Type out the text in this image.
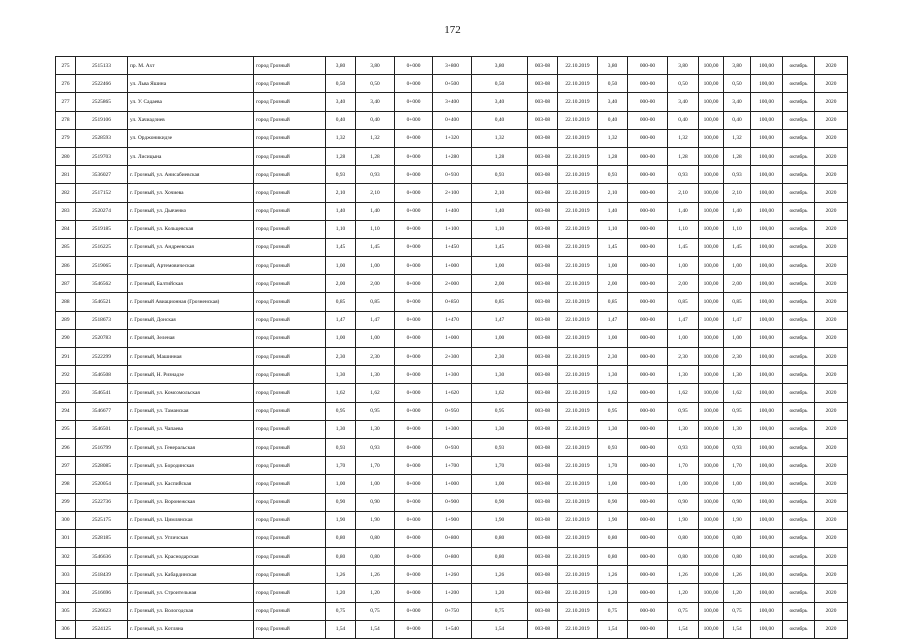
172
275	2515133	пр. М. Ахт	город Грозный	3,80	3,80	0+000	3+800	3,80	003-08	22.10.2019	3,80	000-00	3,80	100,00	3,80	100,00	октябрь	2020
276	2522466	ул. Льва Яшина	город Грозный	0,50	0,50	0+000	0+500	0,50	003-08	22.10.2019	0,50	000-00	0,50	100,00	0,50	100,00	октябрь	2020
277	2525865	ул. У. Садаева	город Грозный	3,40	3,40	0+000	3+400	3,40	003-08	22.10.2019	3,40	000-00	3,40	100,00	3,40	100,00	октябрь	2020
278	2519106	ул. Хачиадзиев	город Грозный	0,40	0,40	0+000	0+400	0,40	003-08	22.10.2019	0,40	000-00	0,40	100,00	0,40	100,00	октябрь	2020
279	2528593	ул. Орджоникидзе	город Грозный	1,32	1,32	0+000	1+320	1,32	003-08	22.10.2019	1,32	000-00	1,32	100,00	1,32	100,00	октябрь	2020
280	2519703	ул. Лисицына	город Грозный	1,28	1,28	0+000	1+280	1,28	003-08	22.10.2019	1,28	000-00	1,28	100,00	1,28	100,00	октябрь	2020
281	3536027	г. Грозный, ул. Анисабиевская	город Грозный	0,93	0,93	0+000	0+930	0,93	003-08	22.10.2019	0,93	000-00	0,93	100,00	0,93	100,00	октябрь	2020
282	2517152	г. Грозный, ул. Хочиева	город Грозный	2,10	2,10	0+000	2+100	2,10	003-08	22.10.2019	2,10	000-00	2,10	100,00	2,10	100,00	октябрь	2020
283	2520274	г. Грозный, ул. Дьяченко	город Грозный	1,40	1,40	0+000	1+400	1,40	003-08	22.10.2019	1,40	000-00	1,40	100,00	1,40	100,00	октябрь	2020
284	2519185	г. Грозный, ул. Кольцевская	город Грозный	1,10	1,10	0+000	1+100	1,10	003-08	22.10.2019	1,10	000-00	1,10	100,00	1,10	100,00	октябрь	2020
285	2516225	г. Грозный, ул. Андреевская	город Грозный	1,45	1,45	0+000	1+450	1,45	003-08	22.10.2019	1,45	000-00	1,45	100,00	1,45	100,00	октябрь	2020
286	2519065	г. Грозный, Артемовическая	город Грозный	1,00	1,00	0+000	1+000	1,00	003-08	22.10.2019	1,00	000-00	1,00	100,00	1,00	100,00	октябрь	2020
287	3546562	г. Грозный, Балтийская	город Грозный	2,00	2,00	0+000	2+000	2,00	003-08	22.10.2019	2,00	000-00	2,00	100,00	2,00	100,00	октябрь	2020
288	3546521	г. Грозный Авиационная (Грозненская)	город Грозный	0,85	0,85	0+000	0+850	0,85	003-08	22.10.2019	0,85	000-00	0,85	100,00	0,85	100,00	октябрь	2020
289	2518673	г. Грозный, Донская	город Грозный	1,47	1,47	0+000	1+470	1,47	003-08	22.10.2019	1,47	000-00	1,47	100,00	1,47	100,00	октябрь	2020
290	2520783	г. Грозный, Зеленая	город Грозный	1,00	1,00	0+000	1+000	1,00	003-08	22.10.2019	1,00	000-00	1,00	100,00	1,00	100,00	октябрь	2020
291	2522299	г. Грозный, Машинная	город Грозный	2,30	2,30	0+000	2+300	2,30	003-08	22.10.2019	2,30	000-00	2,30	100,00	2,30	100,00	октябрь	2020
292	3546508	г. Грозный, Н. Ризнадзе	город Грозный	1,30	1,30	0+000	1+300	1,30	003-08	22.10.2019	1,30	000-00	1,30	100,00	1,30	100,00	октябрь	2020
293	3546541	г. Грозный, ул. Комсомольская	город Грозный	1,62	1,62	0+000	1+620	1,62	003-08	22.10.2019	1,62	000-00	1,62	100,00	1,62	100,00	октябрь	2020
294	3546677	г. Грозный, ул. Таманская	город Грозный	0,95	0,95	0+000	0+950	0,95	003-08	22.10.2019	0,95	000-00	0,95	100,00	0,95	100,00	октябрь	2020
295	3546501	г. Грозный, ул. Чапаева	город Грозный	1,30	1,30	0+000	1+300	1,30	003-08	22.10.2019	1,30	000-00	1,30	100,00	1,30	100,00	октябрь	2020
296	2516799	г. Грозный, ул. Генеральская	город Грозный	0,93	0,93	0+000	0+930	0,93	003-08	22.10.2019	0,93	000-00	0,93	100,00	0,93	100,00	октябрь	2020
297	2528085	г. Грозный, ул. Бородинская	город Грозный	1,70	1,70	0+000	1+700	1,70	003-08	22.10.2019	1,70	000-00	1,70	100,00	1,70	100,00	октябрь	2020
298	2520054	г. Грозный, ул. Каспийская	город Грозный	1,00	1,00	0+000	1+000	1,00	003-08	22.10.2019	1,00	000-00	1,00	100,00	1,00	100,00	октябрь	2020
299	2522736	г. Грозный, ул. Воронежская	город Грозный	0,90	0,90	0+000	0+900	0,90	003-08	22.10.2019	0,90	000-00	0,90	100,00	0,90	100,00	октябрь	2020
300	2525175	г. Грозный, ул. Цимлянская	город Грозный	1,90	1,90	0+000	1+900	1,90	003-08	22.10.2019	1,90	000-00	1,90	100,00	1,90	100,00	октябрь	2020
301	2528185	г. Грозный, ул. Угличская	город Грозный	0,80	0,80	0+000	0+800	0,80	003-08	22.10.2019	0,80	000-00	0,80	100,00	0,80	100,00	октябрь	2020
302	3546636	г. Грозный, ул. Краснодарская	город Грозный	0,80	0,80	0+000	0+800	0,80	003-08	22.10.2019	0,80	000-00	0,80	100,00	0,80	100,00	октябрь	2020
303	2518439	г. Грозный, ул. Кабардинская	город Грозный	1,26	1,26	0+000	1+260	1,26	003-08	22.10.2019	1,26	000-00	1,26	100,00	1,26	100,00	октябрь	2020
304	2516696	г. Грозный, ул. Строительная	город Грозный	1,20	1,20	0+000	1+200	1,20	003-08	22.10.2019	1,20	000-00	1,20	100,00	1,20	100,00	октябрь	2020
305	2526623	г. Грозный, ул. Вологодская	город Грозный	0,75	0,75	0+000	0+750	0,75	003-08	22.10.2019	0,75	000-00	0,75	100,00	0,75	100,00	октябрь	2020
306	2524125	г. Грозный, ул. Котляна	город Грозный	1,54	1,54	0+000	1+540	1,54	003-08	22.10.2019	1,54	000-00	1,54	100,00	1,54	100,00	октябрь	2020
